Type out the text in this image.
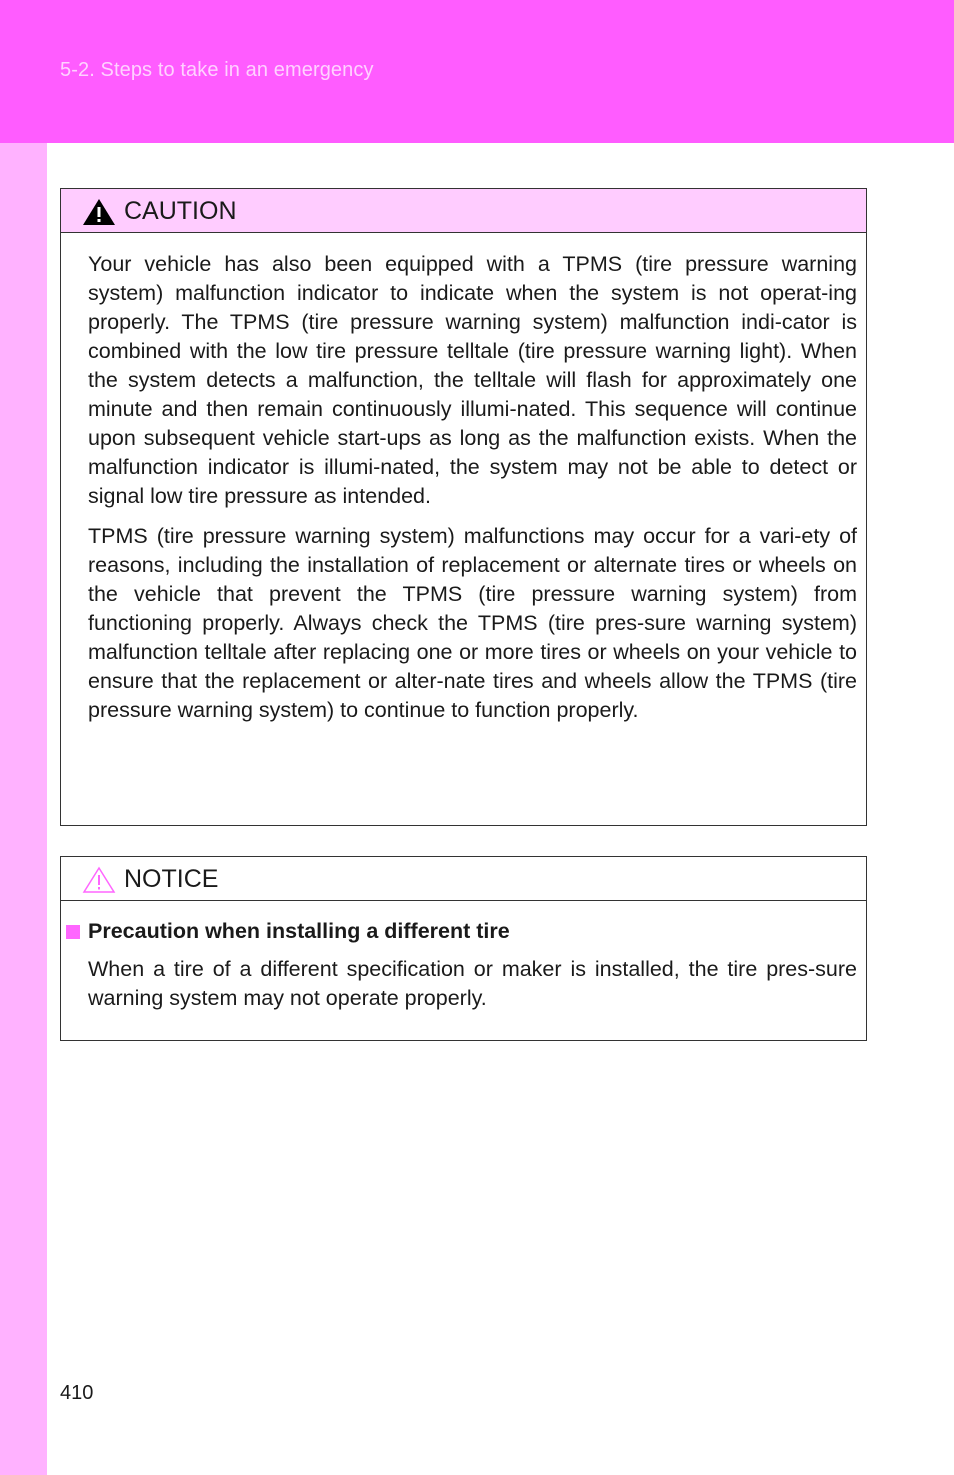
5-2. Steps to take in an emergency
CAUTION

Your vehicle has also been equipped with a TPMS (tire pressure warning system) malfunction indicator to indicate when the system is not operat-ing properly. The TPMS (tire pressure warning system) malfunction indi-cator is combined with the low tire pressure telltale (tire pressure warning light). When the system detects a malfunction, the telltale will flash for approximately one minute and then remain continuously illumi-nated. This sequence will continue upon subsequent vehicle start-ups as long as the malfunction exists. When the malfunction indicator is illumi-nated, the system may not be able to detect or signal low tire pressure as intended.

TPMS (tire pressure warning system) malfunctions may occur for a vari-ety of reasons, including the installation of replacement or alternate tires or wheels on the vehicle that prevent the TPMS (tire pressure warning system) from functioning properly. Always check the TPMS (tire pres-sure warning system) malfunction telltale after replacing one or more tires or wheels on your vehicle to ensure that the replacement or alter-nate tires and wheels allow the TPMS (tire pressure warning system) to continue to function properly.

NOTICE
Precaution when installing a different tire

When a tire of a different specification or maker is installed, the tire pres-sure warning system may not operate properly.

410
